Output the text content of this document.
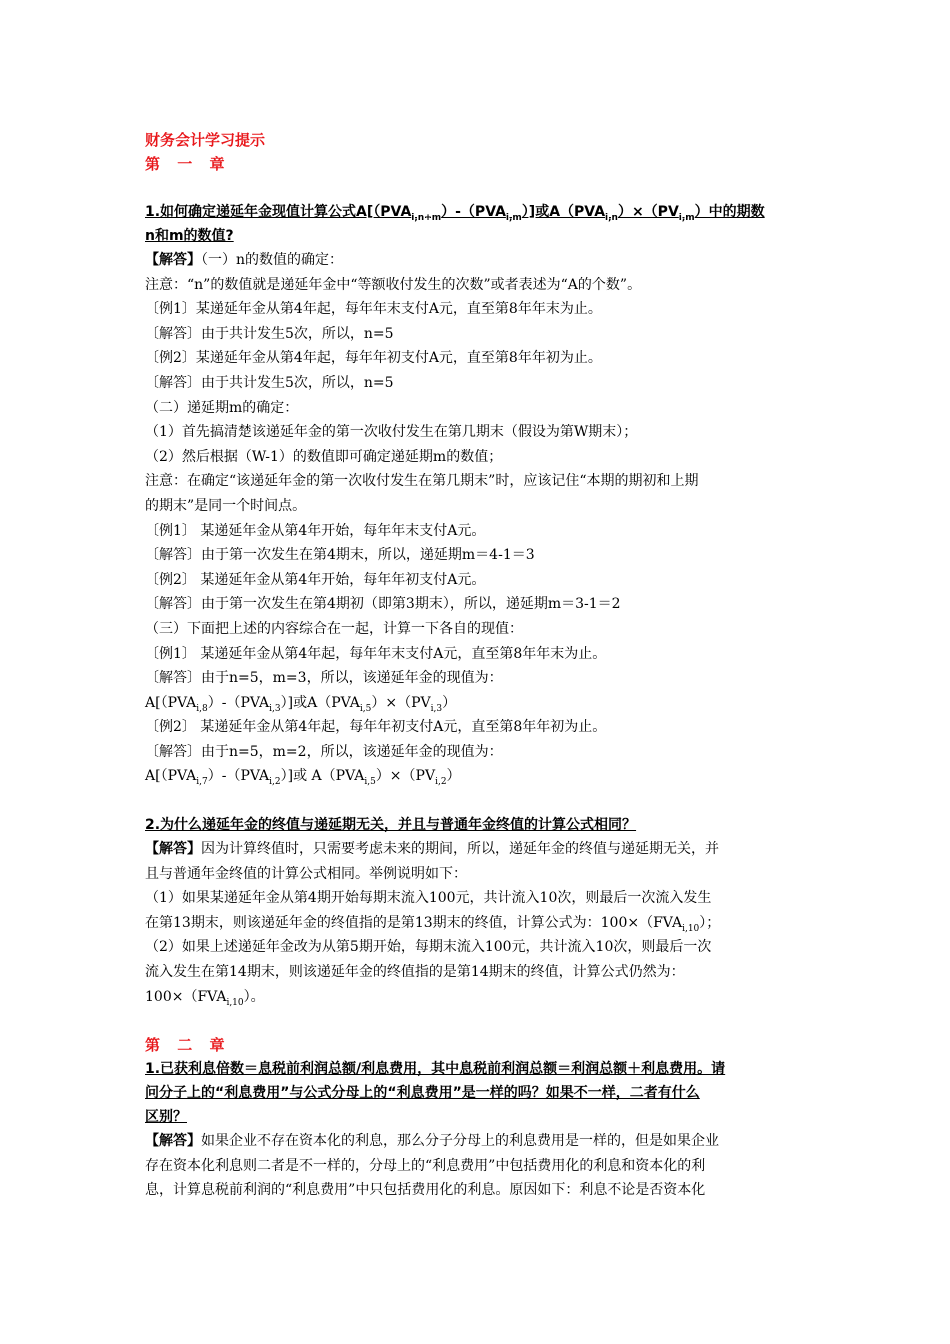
财务会计学习提示
第 一 章
1.如何确定递延年金现值计算公式$A[(PVA_{i,n+m})-(PVA_{i,m})]$或$A(PVA_{i,n})\times(PV_{i,m})$中的期数
n和m的数值?
【解答】（一）n的数值的确定：
注意：“n”的数值就是递延年金中“等额收付发生的次数”或者表述为“A的个数”。
〔例1〕某递延年金从第4年起，每年年末支付A元，直至第8年年末为止。
〔解答〕由于共计发生5次，所以，n=5
〔例2〕某递延年金从第4年起，每年年初支付A元，直至第8年年初为止。
〔解答〕由于共计发生5次，所以，n=5
（二）递延期m的确定：
（1）首先搞清楚该递延年金的第一次收付发生在第几期末（假设为第W期末）；
（2）然后根据（W-1）的数值即可确定递延期m的数值；
注意：在确定“该递延年金的第一次收付发生在第几期末”时，应该记住“本期的期初和上期
的期末”是同一个时间点。
〔例1〕 某递延年金从第4年开始，每年年末支付A元。
〔解答〕由于第一次发生在第4期末，所以，递延期m＝4-1＝3
〔例2〕 某递延年金从第4年开始，每年年初支付A元。
〔解答〕由于第一次发生在第4期初（即第3期末），所以，递延期m＝3-1＝2
（三）下面把上述的内容综合在一起，计算一下各自的现值：
〔例1〕 某递延年金从第4年起，每年年末支付A元，直至第8年年末为止。
〔解答〕由于n=5，m=3，所以，该递延年金的现值为：
$A[(PVA_{i,8})-(PVA_{i,3})]$或$A(PVA_{i,5})\times(PV_{i,3})$
〔例2〕 某递延年金从第4年起，每年年初支付A元，直至第8年年初为止。
〔解答〕由于n=5，m=2，所以，该递延年金的现值为：
$A[(PVA_{i,7})-(PVA_{i,2})]$或 $A(PVA_{i,5})\times(PV_{i,2})$
2.为什么递延年金的终值与递延期无关，并且与普通年金终值的计算公式相同？
【解答】因为计算终值时，只需要考虑未来的期间，所以，递延年金的终值与递延期无关，并
且与普通年金终值的计算公式相同。举例说明如下：
（1）如果某递延年金从第4期开始每期末流入100元，共计流入10次，则最后一次流入发生
在第13期末，则该递延年金的终值指的是第13期末的终值，计算公式为：$100\times(FVA_{i,10})$；
（2）如果上述递延年金改为从第5期开始，每期末流入100元，共计流入10次，则最后一次
流入发生在第14期末，则该递延年金的终值指的是第14期末的终值，计算公式仍然为：
$100\times(FVA_{i,10})$。
第 二 章
1.已获利息倍数＝息税前利润总额/利息费用，其中息税前利润总额＝利润总额＋利息费用。请
问分子上的“利息费用”与公式分母上的“利息费用”是一样的吗？如果不一样，二者有什么
区别？
【解答】如果企业不存在资本化的利息，那么分子分母上的利息费用是一样的，但是如果企业
存在资本化利息则二者是不一样的，分母上的“利息费用”中包括费用化的利息和资本化的利
息，计算息税前利润的“利息费用”中只包括费用化的利息。原因如下：利息不论是否资本化
